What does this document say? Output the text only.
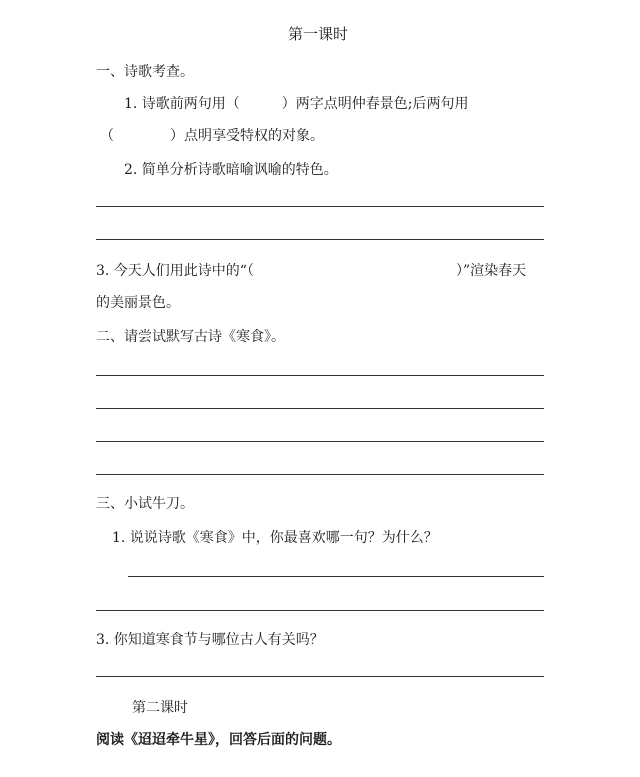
第一课时
一、诗歌考查。
1. 诗歌前两句用（　　　）两字点明仲春景色;后两句用
（　　　　）点明享受特权的对象。
2. 简单分析诗歌暗喻讽喻的特色。
3. 今天人们用此诗中的“（	）”渲染春天
的美丽景色。
二、请尝试默写古诗《寒食》。
三、小试牛刀。
1. 说说诗歌《寒食》中，你最喜欢哪一句？为什么？
3. 你知道寒食节与哪位古人有关吗？
第二课时
阅读《迢迢牵牛星》，回答后面的问题。
